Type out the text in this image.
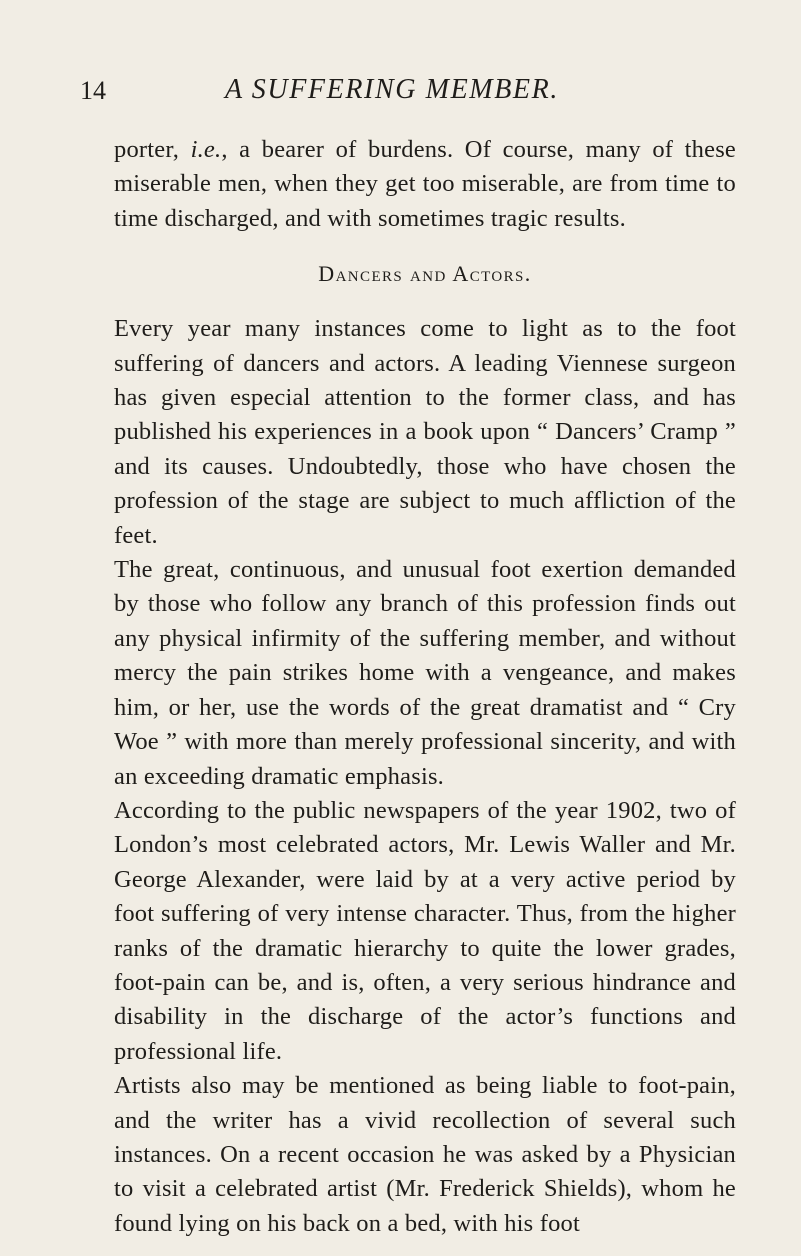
14	A SUFFERING MEMBER.

porter, i.e., a bearer of burdens. Of course, many of these miserable men, when they get too miserable, are from time to time discharged, and with sometimes tragic results.

Dancers and Actors.

Every year many instances come to light as to the foot suffering of dancers and actors. A leading Viennese surgeon has given especial attention to the former class, and has published his experiences in a book upon “ Dancers’ Cramp ” and its causes. Undoubtedly, those who have chosen the profession of the stage are subject to much affliction of the feet.

The great, continuous, and unusual foot exertion demanded by those who follow any branch of this profession finds out any physical infirmity of the suffering member, and without mercy the pain strikes home with a vengeance, and makes him, or her, use the words of the great dramatist and “ Cry Woe ” with more than merely professional sincerity, and with an exceeding dramatic emphasis.

According to the public newspapers of the year 1902, two of London’s most celebrated actors, Mr. Lewis Waller and Mr. George Alexander, were laid by at a very active period by foot suffering of very intense character. Thus, from the higher ranks of the dramatic hierarchy to quite the lower grades, foot-pain can be, and is, often, a very serious hindrance and disability in the discharge of the actor’s functions and professional life.

Artists also may be mentioned as being liable to foot-pain, and the writer has a vivid recollection of several such instances. On a recent occasion he was asked by a Physician to visit a celebrated artist (Mr. Frederick Shields), whom he found lying on his back on a bed, with his foot
